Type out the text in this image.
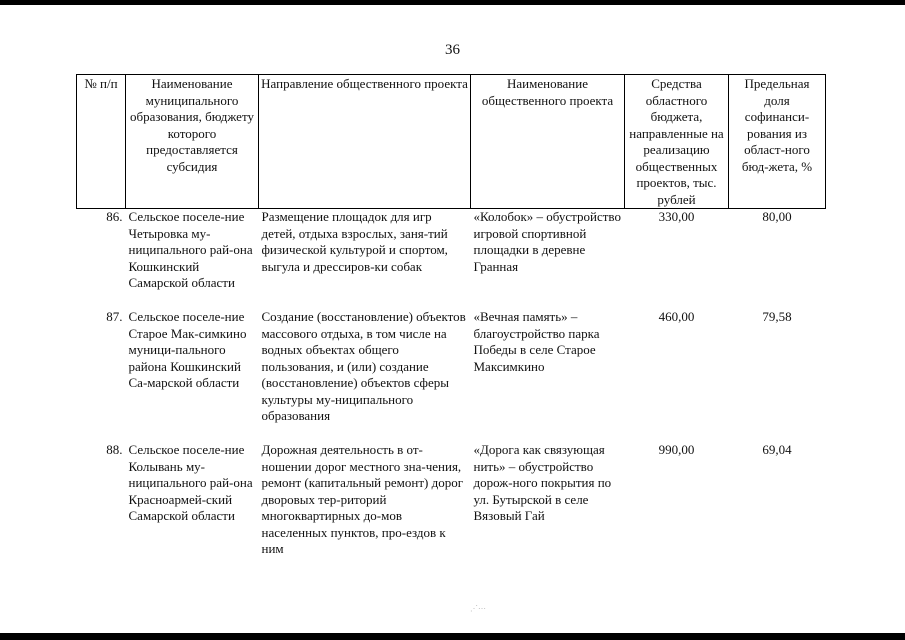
36
№ п/п	Наименование муниципального образования, бюджету которого предоставляется субсидия	Направление общественного проекта	Наименование общественного проекта	Средства областного бюджета, направленные на реализацию общественных проектов, тыс. рублей	Предельная доля софинанси-рования из област-ного бюд-жета, %
86.	Сельское поселе-ние Четыровка му-ниципального рай-она Кошкинский Самарской области	Размещение площадок для игр детей, отдыха взрослых, заня-тий физической культурой и спортом, выгула и дрессиров-ки собак	«Колобок» – обустройство игровой спортивной площадки в деревне Гранная	330,00	80,00
87.	Сельское поселе-ние Старое Мак-симкино муници-пального района Кошкинский Са-марской области	Создание (восстановление) объектов массового отдыха, в том числе на водных объектах общего пользования, и (или) создание (восстановление) объектов сферы культуры му-ниципального образования	«Вечная память» – благоустройство парка Победы в селе Старое Максимкино	460,00	79,58
88.	Сельское поселе-ние Колывань му-ниципального рай-она Красноармей-ский Самарской области	Дорожная деятельность в от-ношении дорог местного зна-чения, ремонт (капитальный ремонт) дорог дворовых тер-риторий многоквартирных до-мов населенных пунктов, про-ездов к ним	«Дорога как связующая нить» – обустройство дорож-ного покрытия по ул. Бутырской в селе Вязовый Гай	990,00	69,04
⋰⋯
